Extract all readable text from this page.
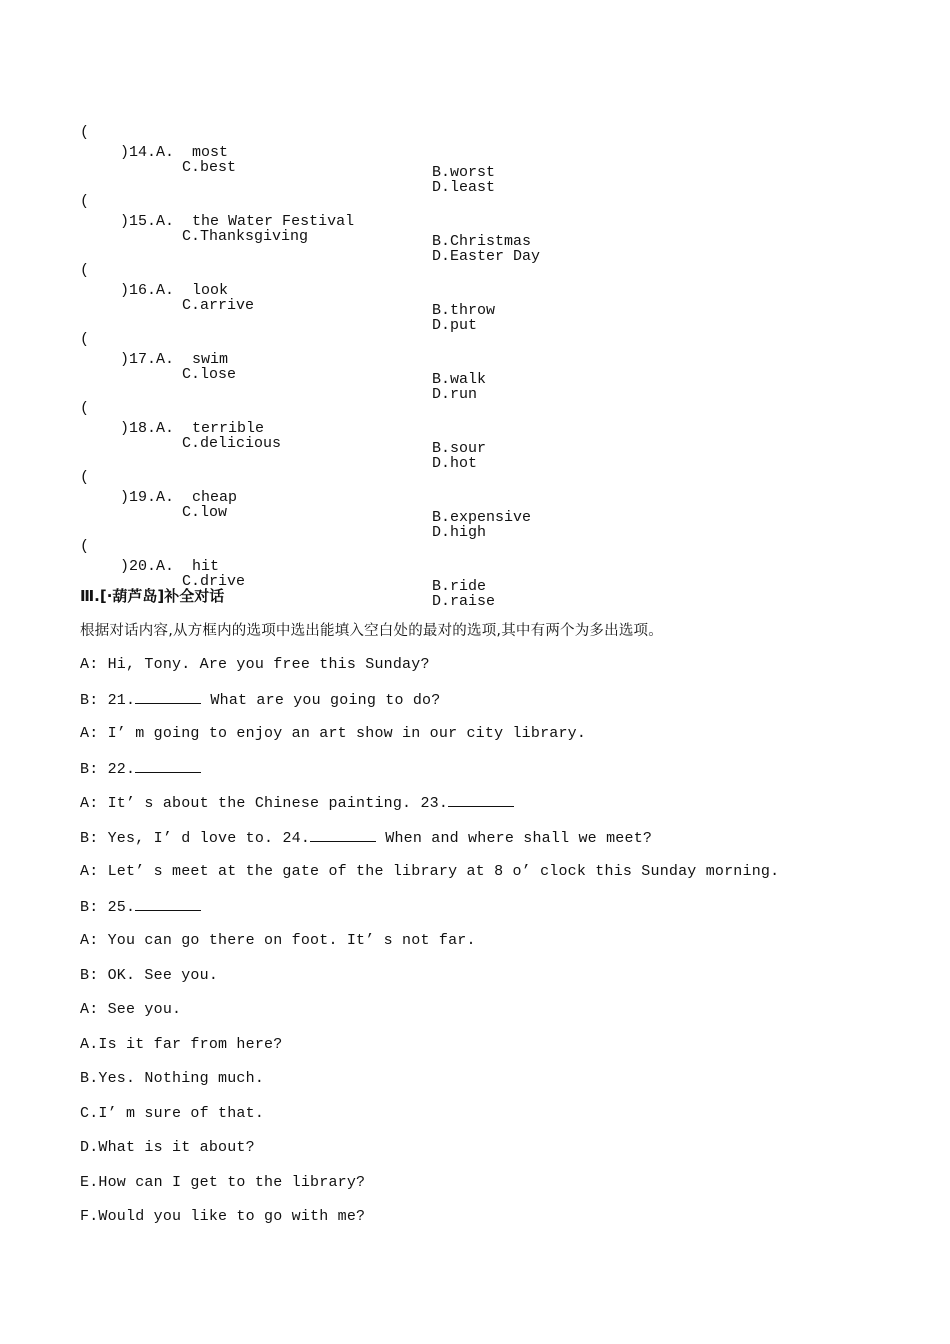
(

)14.A.  most

B.worst

C.best

D.least

(

)15.A.  the Water Festival

B.Christmas

C.Thanksgiving

D.Easter Day

(

)16.A.  look

B.throw

C.arrive

D.put

(

)17.A.  swim

B.walk

C.lose

D.run

(

)18.A.  terrible

B.sour

C.delicious

D.hot

(

)19.A.  cheap

B.expensive

C.low

D.high

(

)20.A.  hit

B.ride

C.drive

D.raise

Ⅲ.[·葫芦岛]补全对话
根据对话内容,从方框内的选项中选出能填入空白处的最对的选项,其中有两个为多出选项。
A: Hi, Tony. Are you free this Sunday?
B: 21.	What are you going to do?
A: I’ m going to enjoy an art show in our city library.
B: 22.
A: It’ s about the Chinese painting. 23.
B: Yes, I’ d love to. 24.	When and where shall we meet?
A: Let’ s meet at the gate of the library at 8 o’ clock this Sunday morning.
B: 25.
A: You can go there on foot. It’ s not far.
B: OK. See you.
A: See you.
A.Is it far from here?
B.Yes. Nothing much.
C.I’ m sure of that.
D.What is it about?
E.How can I get to the library?
F.Would you like to go with me?
